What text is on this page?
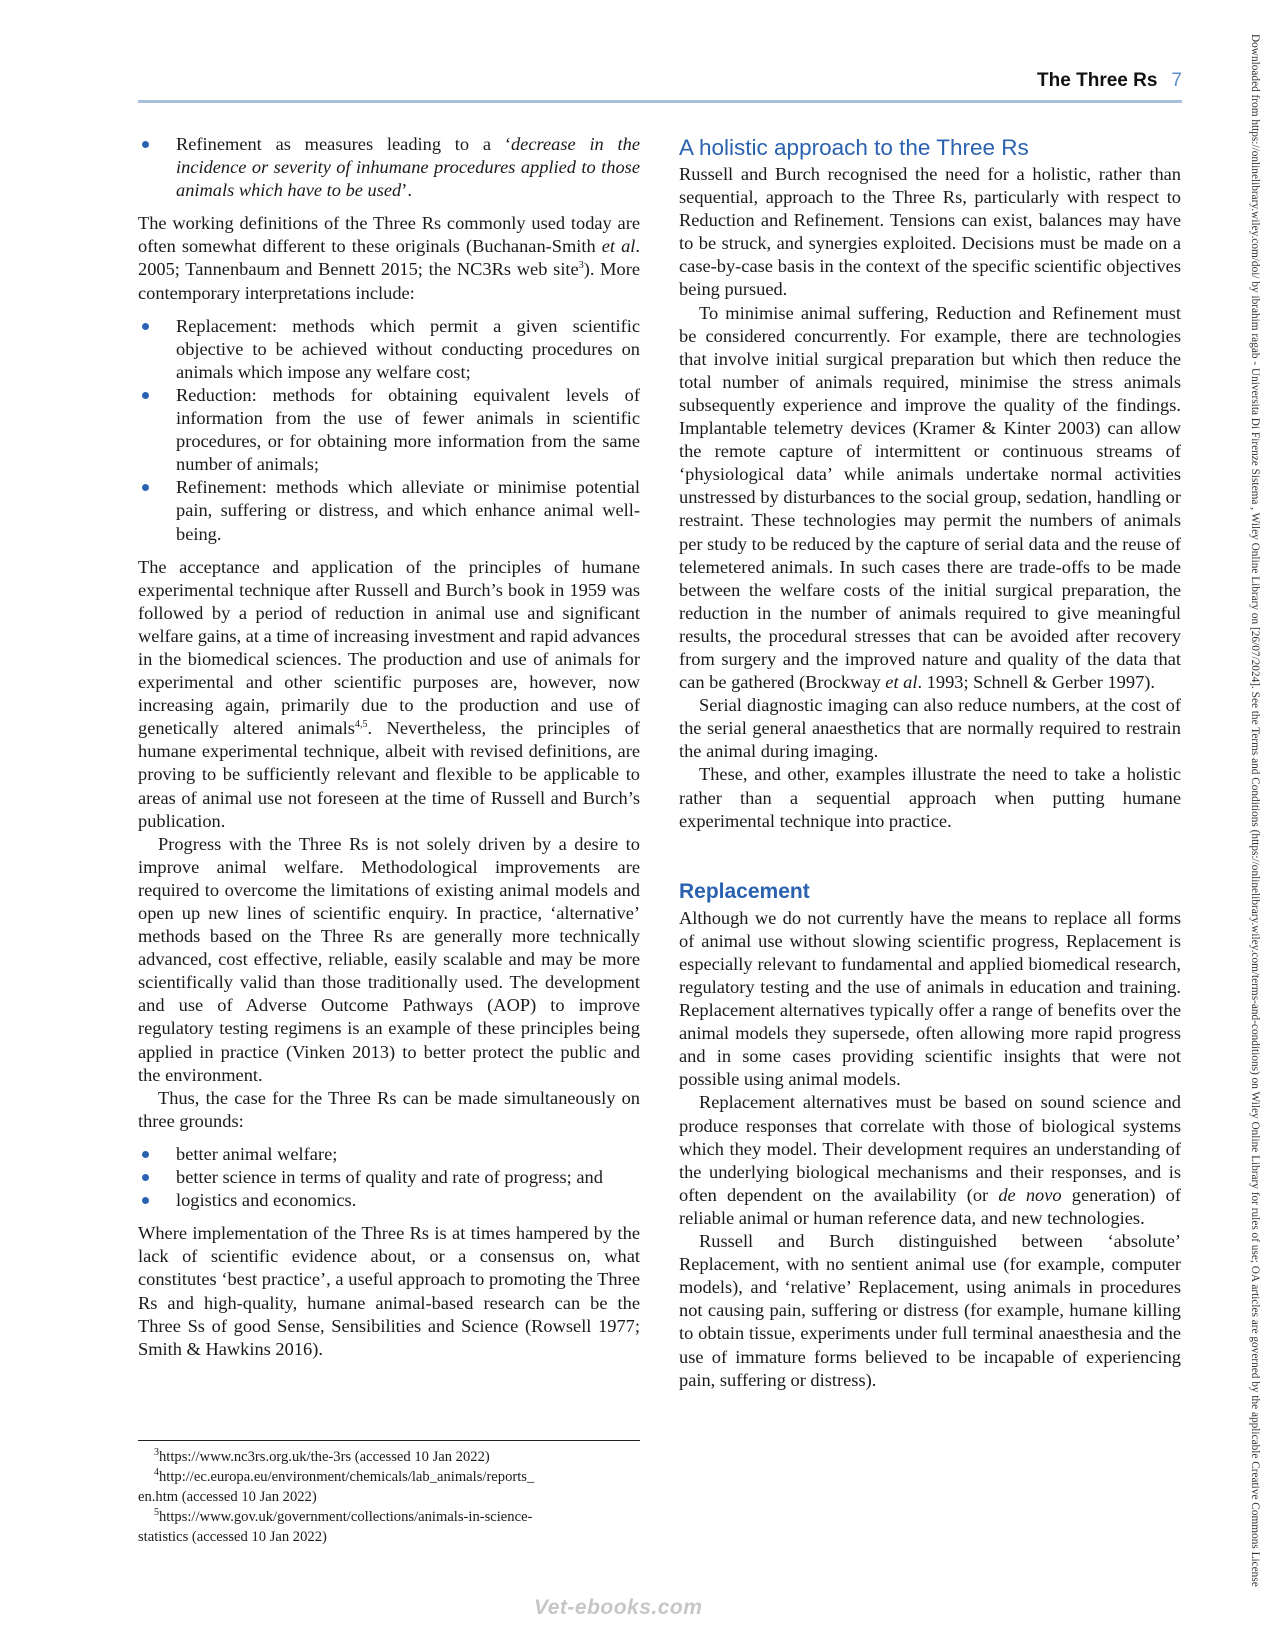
The Three Rs 7
Refinement as measures leading to a ‘decrease in the incidence or severity of inhumane procedures applied to those animals which have to be used’.

The working definitions of the Three Rs commonly used today are often somewhat different to these originals (Buchanan-Smith et al. 2005; Tannenbaum and Bennett 2015; the NC3Rs web site$^3$). More contemporary interpretations include:

Replacement: methods which permit a given scientific objective to be achieved without conducting procedures on animals which impose any welfare cost;
Reduction: methods for obtaining equivalent levels of information from the use of fewer animals in scientific procedures, or for obtaining more information from the same number of animals;
Refinement: methods which alleviate or minimise potential pain, suffering or distress, and which enhance animal well-being.

The acceptance and application of the principles of humane experimental technique after Russell and Burch’s book in 1959 was followed by a period of reduction in animal use and significant welfare gains, at a time of increasing investment and rapid advances in the biomedical sciences. The production and use of animals for experimental and other scientific purposes are, however, now increasing again, primarily due to the production and use of genetically altered animals$^{4,5}$. Nevertheless, the principles of humane experimental technique, albeit with revised definitions, are proving to be sufficiently relevant and flexible to be applicable to areas of animal use not foreseen at the time of Russell and Burch’s publication.

Progress with the Three Rs is not solely driven by a desire to improve animal welfare. Methodological improvements are required to overcome the limitations of existing animal models and open up new lines of scientific enquiry. In practice, ‘alternative’ methods based on the Three Rs are generally more technically advanced, cost effective, reliable, easily scalable and may be more scientifically valid than those traditionally used. The development and use of Adverse Outcome Pathways (AOP) to improve regulatory testing regimens is an example of these principles being applied in practice (Vinken 2013) to better protect the public and the environment.

Thus, the case for the Three Rs can be made simultaneously on three grounds:

better animal welfare;
better science in terms of quality and rate of progress; and
logistics and economics.

Where implementation of the Three Rs is at times hampered by the lack of scientific evidence about, or a consensus on, what constitutes ‘best practice’, a useful approach to promoting the Three Rs and high-quality, humane animal-based research can be the Three Ss of good Sense, Sensibilities and Science (Rowsell 1977; Smith & Hawkins 2016).

$^3$https://www.nc3rs.org.uk/the-3rs (accessed 10 Jan 2022)

$^4$http://ec.europa.eu/environment/chemicals/lab_animals/reports_

en.htm (accessed 10 Jan 2022)

$^5$https://www.gov.uk/government/collections/animals-in-science-

statistics (accessed 10 Jan 2022)

A holistic approach to the Three Rs

Russell and Burch recognised the need for a holistic, rather than sequential, approach to the Three Rs, particularly with respect to Reduction and Refinement. Tensions can exist, balances may have to be struck, and synergies exploited. Decisions must be made on a case-by-case basis in the context of the specific scientific objectives being pursued.

To minimise animal suffering, Reduction and Refinement must be considered concurrently. For example, there are technologies that involve initial surgical preparation but which then reduce the total number of animals required, minimise the stress animals subsequently experience and improve the quality of the findings. Implantable telemetry devices (Kramer & Kinter 2003) can allow the remote capture of intermittent or continuous streams of ‘physiological data’ while animals undertake normal activities unstressed by disturbances to the social group, sedation, handling or restraint. These technologies may permit the numbers of animals per study to be reduced by the capture of serial data and the reuse of telemetered animals. In such cases there are trade-offs to be made between the welfare costs of the initial surgical preparation, the reduction in the number of animals required to give meaningful results, the procedural stresses that can be avoided after recovery from surgery and the improved nature and quality of the data that can be gathered (Brockway et al. 1993; Schnell & Gerber 1997).

Serial diagnostic imaging can also reduce numbers, at the cost of the serial general anaesthetics that are normally required to restrain the animal during imaging.

These, and other, examples illustrate the need to take a holistic rather than a sequential approach when putting humane experimental technique into practice.

Replacement

Although we do not currently have the means to replace all forms of animal use without slowing scientific progress, Replacement is especially relevant to fundamental and applied biomedical research, regulatory testing and the use of animals in education and training. Replacement alternatives typically offer a range of benefits over the animal models they supersede, often allowing more rapid progress and in some cases providing scientific insights that were not possible using animal models.

Replacement alternatives must be based on sound science and produce responses that correlate with those of biological systems which they model. Their development requires an understanding of the underlying biological mechanisms and their responses, and is often dependent on the availability (or de novo generation) of reliable animal or human reference data, and new technologies.

Russell and Burch distinguished between ‘absolute’ Replacement, with no sentient animal use (for example, computer models), and ‘relative’ Replacement, using animals in procedures not causing pain, suffering or distress (for example, humane killing to obtain tissue, experiments under full terminal anaesthesia and the use of immature forms believed to be incapable of experiencing pain, suffering or distress).	Downloaded from https://onlinelibrary.wiley.com/doi/ by ibrahim ragab - Universita Di Firenze Sistema , Wiley Online Library on [26/07/2024]. See the Terms and Conditions (https://onlinelibrary.wiley.com/terms-and-conditions) on Wiley Online Library for rules of use; OA articles are governed by the applicable Creative Commons License
Vet-ebooks.com
